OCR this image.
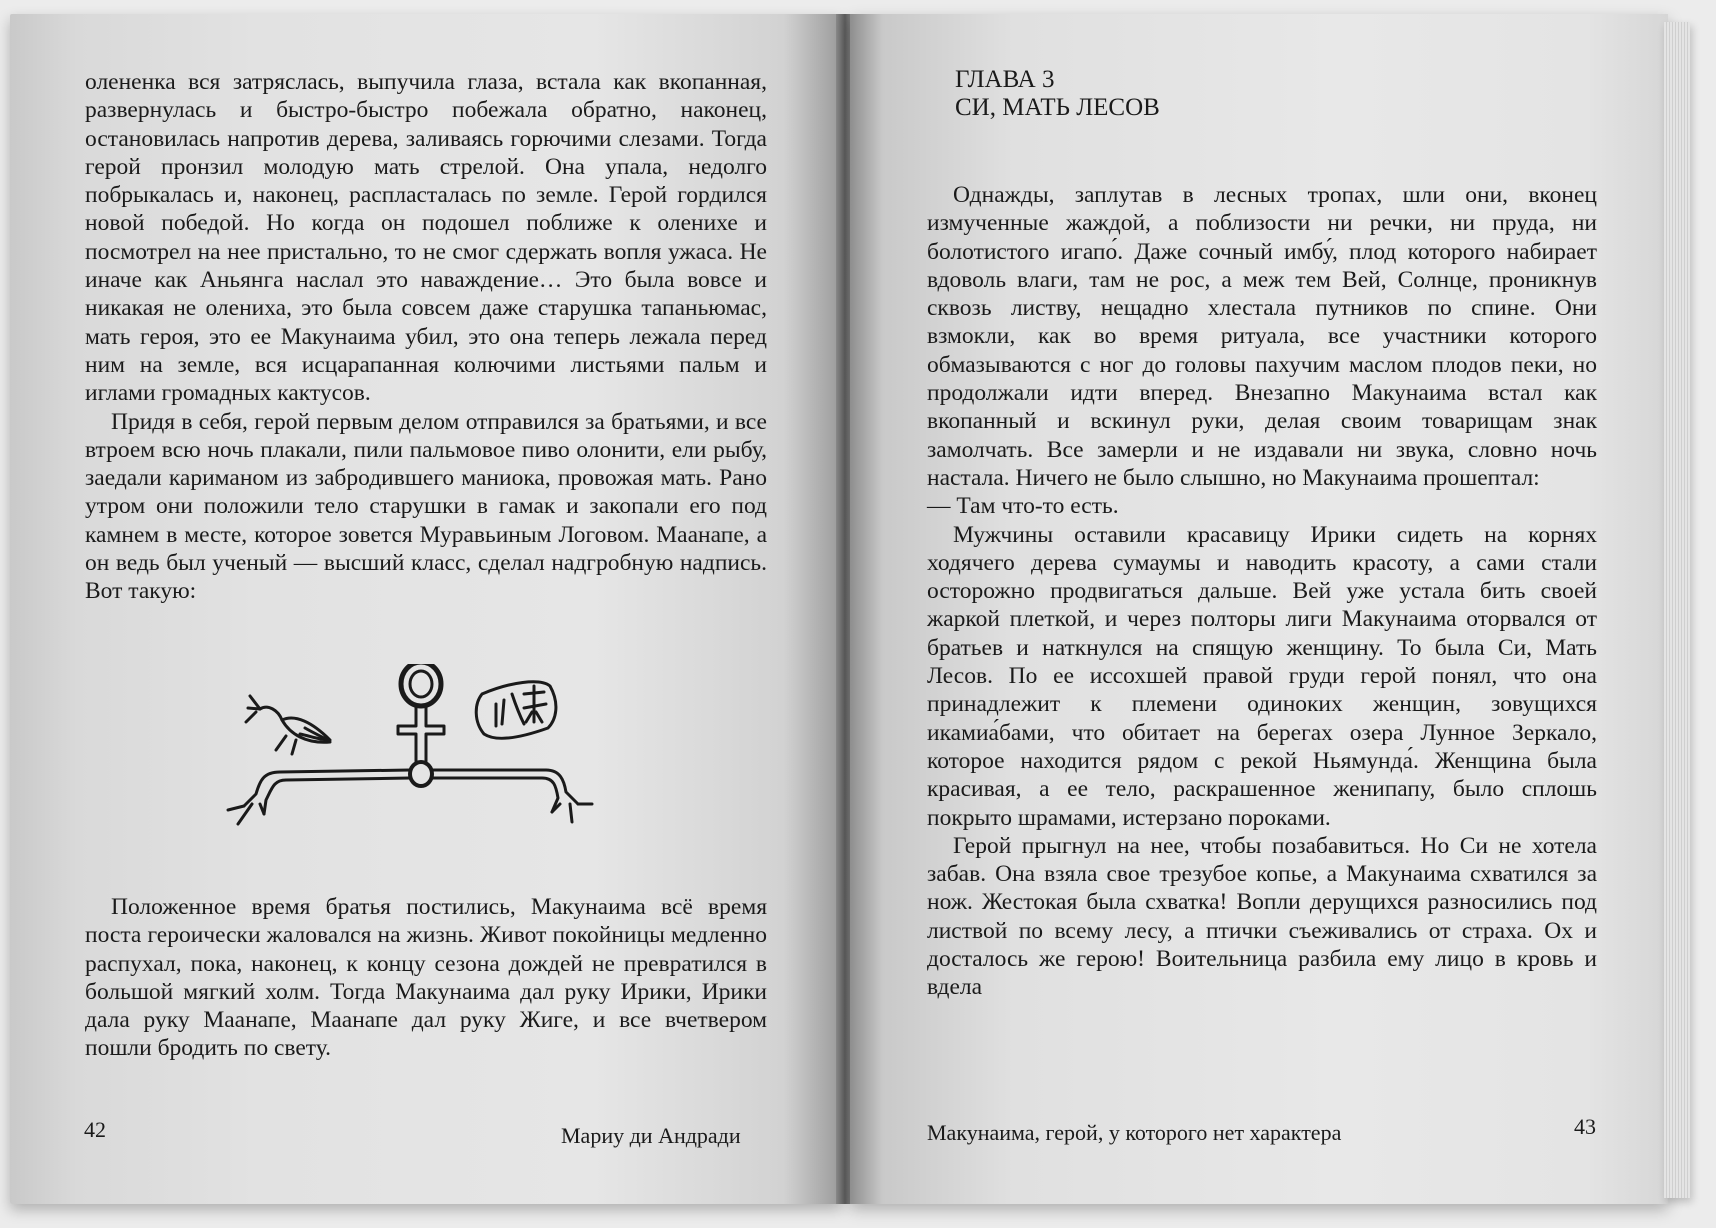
олененка вся затряслась, выпучила глаза, встала как вкопанная, развернулась и быстро-быстро побежала обратно, наконец, остановилась напротив дерева, заливаясь горючими слезами. Тогда герой пронзил молодую мать стрелой. Она упала, недолго побрыкалась и, наконец, распласталась по земле. Герой гордился новой победой. Но когда он подошел поближе к оленихе и посмотрел на нее пристально, то не смог сдержать вопля ужаса. Не иначе как Аньянга наслал это наваждение… Это была вовсе и никакая не олениха, это была совсем даже старушка тапаньюмас, мать героя, это ее Макунаима убил, это она теперь лежала перед ним на земле, вся исцарапанная колючими листьями пальм и иглами громадных кактусов.

Придя в себя, герой первым делом отправился за братьями, и все втроем всю ночь плакали, пили пальмовое пиво олонити, ели рыбу, заедали кариманом из забродившего маниока, провожая мать. Рано утром они положили тело старушки в гамак и закопали его под камнем в месте, которое зовется Муравьиным Логовом. Маанапе, а он ведь был ученый — высший класс, сделал надгробную надпись. Вот такую:

Положенное время братья постились, Макунаима всё время поста героически жаловался на жизнь. Живот покойницы медленно распухал, пока, наконец, к концу сезона дождей не превратился в большой мягкий холм. Тогда Макунаима дал руку Ирики, Ирики дала руку Маанапе, Маанапе дал руку Жиге, и все вчетвером пошли бродить по свету.

42	Мариу ди Андради
ГЛАВА 3
СИ, МАТЬ ЛЕСОВ

Однажды, заплутав в лесных тропах, шли они, вконец измученные жаждой, а поблизости ни речки, ни пруда, ни болотистого игапо́. Даже сочный имбу́, плод которого набирает вдоволь влаги, там не рос, а меж тем Вей, Солнце, проникнув сквозь листву, нещадно хлестала путников по спине. Они взмокли, как во время ритуала, все участники которого обмазываются с ног до головы пахучим маслом плодов пеки, но продолжали идти вперед. Внезапно Макунаима встал как вкопанный и вскинул руки, делая своим товарищам знак замолчать. Все замерли и не издавали ни звука, словно ночь настала. Ничего не было слышно, но Макунаима прошептал:

— Там что-то есть.

Мужчины оставили красавицу Ирики сидеть на корнях ходячего дерева сумаумы и наводить красоту, а сами стали осторожно продвигаться дальше. Вей уже устала бить своей жаркой плеткой, и через полторы лиги Макунаима оторвался от братьев и наткнулся на спящую женщину. То была Си, Мать Лесов. По ее иссохшей правой груди герой понял, что она принадлежит к племени одиноких женщин, зовущихся икамиа́бами, что обитает на берегах озера Лунное Зеркало, которое находится рядом с рекой Ньямунда́. Женщина была красивая, а ее тело, раскрашенное женипапу, было сплошь покрыто шрамами, истерзано пороками.

Герой прыгнул на нее, чтобы позабавиться. Но Си не хотела забав. Она взяла свое трезубое копье, а Макунаима схватился за нож. Жестокая была схватка! Вопли дерущихся разносились под листвой по всему лесу, а птички съеживались от страха. Ох и досталось же герою! Воительница разбила ему лицо в кровь и вдела

Макунаима, герой, у которого нет характера	43
